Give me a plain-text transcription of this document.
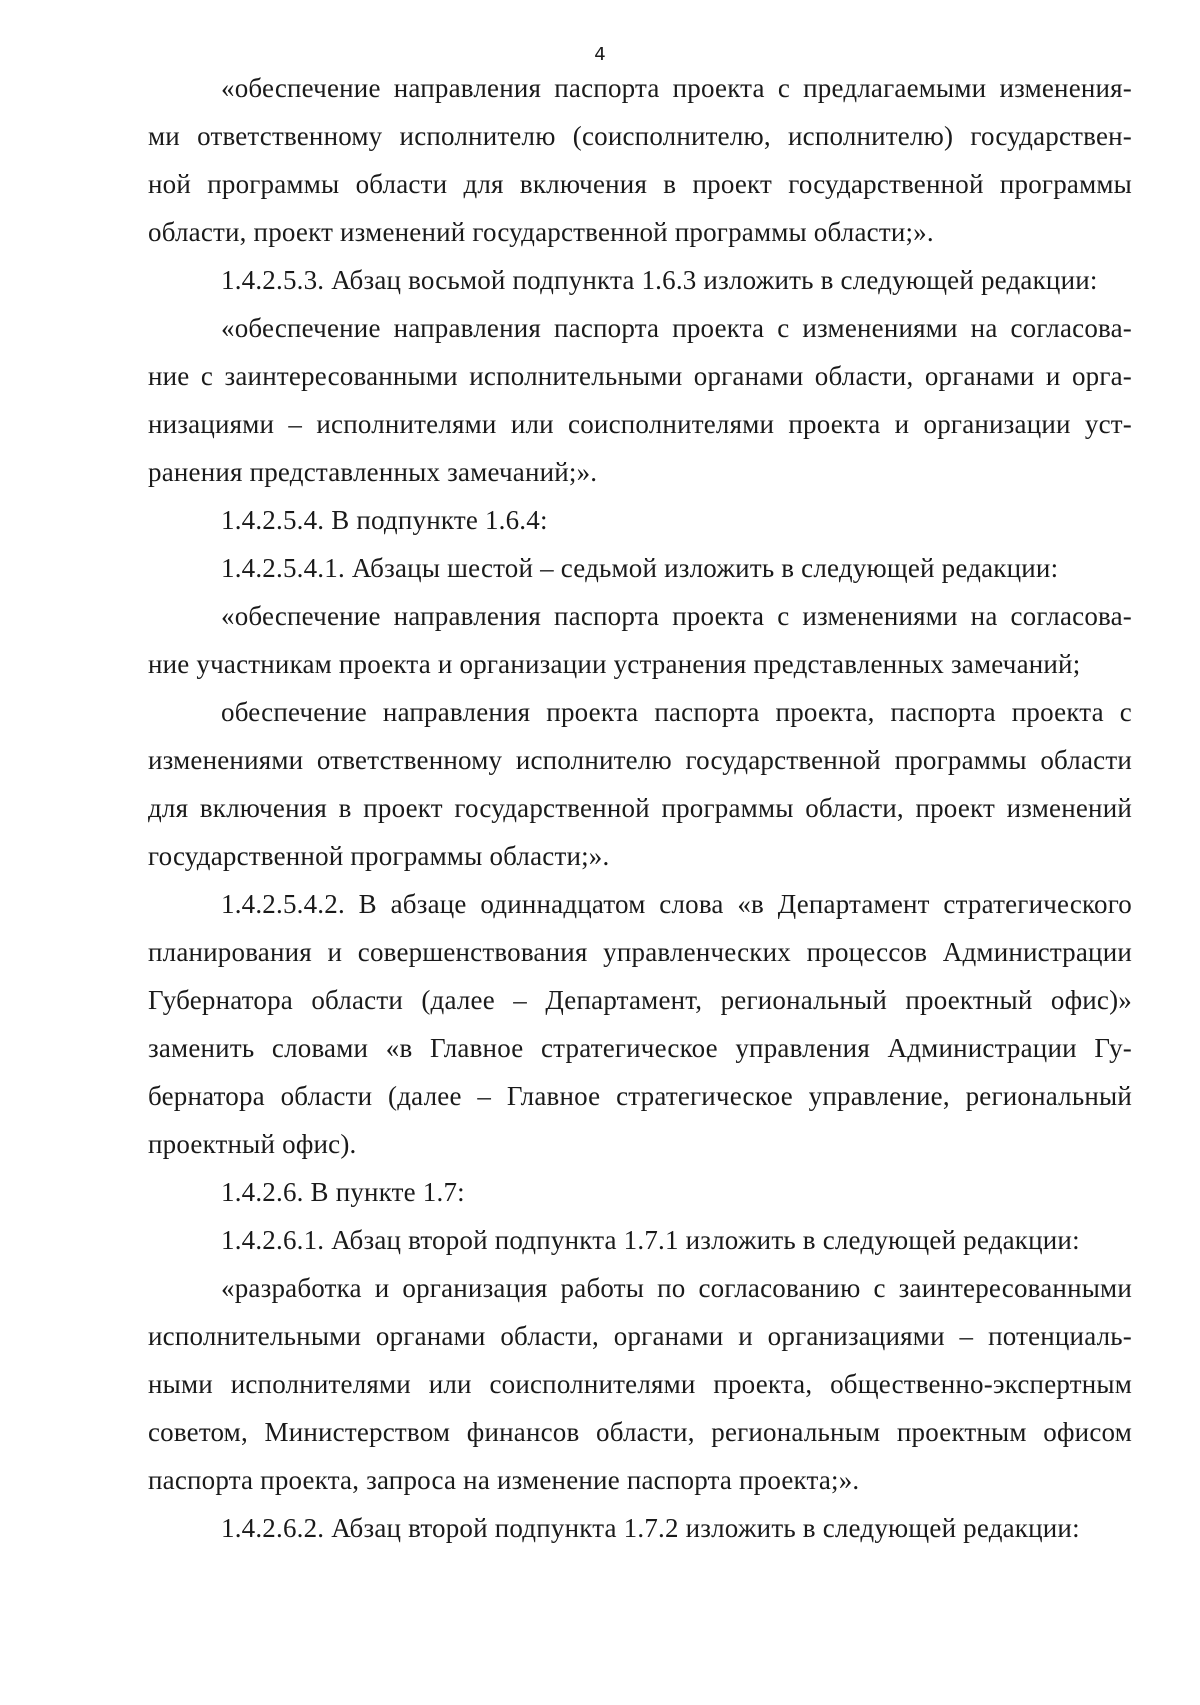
4
«обеспечение направления паспорта проекта с предлагаемыми изменения-
ми ответственному исполнителю (соисполнителю, исполнителю) государствен-
ной программы области для включения в проект государственной программы
области, проект изменений государственной программы области;».
1.4.2.5.3. Абзац восьмой подпункта 1.6.3 изложить в следующей редакции:
«обеспечение направления паспорта проекта с изменениями на согласова-
ние с заинтересованными исполнительными органами области, органами и орга-
низациями – исполнителями или соисполнителями проекта и организации уст-
ранения представленных замечаний;».
1.4.2.5.4. В подпункте 1.6.4:
1.4.2.5.4.1. Абзацы шестой – седьмой изложить в следующей редакции:
«обеспечение направления паспорта проекта с изменениями на согласова-
ние участникам проекта и организации устранения представленных замечаний;
обеспечение направления проекта паспорта проекта, паспорта проекта с
изменениями ответственному исполнителю государственной программы области
для включения в проект государственной программы области, проект изменений
государственной программы области;».
1.4.2.5.4.2. В абзаце одиннадцатом слова «в Департамент стратегического
планирования и совершенствования управленческих процессов Администрации
Губернатора области (далее – Департамент, региональный проектный офис)»
заменить словами «в Главное стратегическое управления Администрации Гу-
бернатора области (далее – Главное стратегическое управление, региональный
проектный офис).
1.4.2.6. В пункте 1.7:
1.4.2.6.1. Абзац второй подпункта 1.7.1 изложить в следующей редакции:
«разработка и организация работы по согласованию с заинтересованными
исполнительными органами области, органами и организациями – потенциаль-
ными исполнителями или соисполнителями проекта, общественно-экспертным
советом, Министерством финансов области, региональным проектным офисом
паспорта проекта, запроса на изменение паспорта проекта;».
1.4.2.6.2. Абзац второй подпункта 1.7.2 изложить в следующей редакции:
